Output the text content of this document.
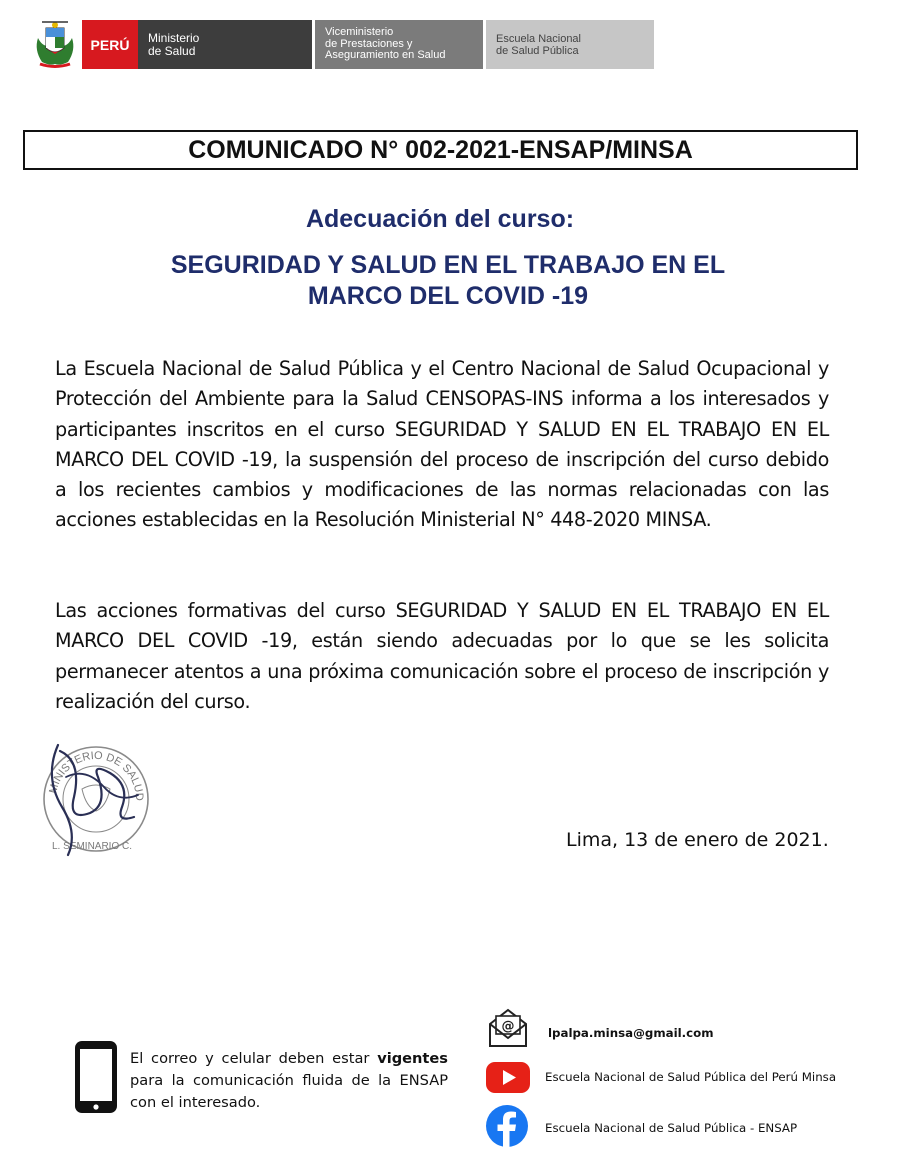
PERÚ	Ministerio
de Salud
Viceministerio
de Prestaciones y
Aseguramiento en Salud
Escuela Nacional
de Salud Pública
COMUNICADO N° 002-2021-ENSAP/MINSA
Adecuación del curso:
SEGURIDAD Y SALUD EN EL TRABAJO EN EL
MARCO DEL COVID -19
La Escuela Nacional de Salud Pública y el Centro Nacional de Salud Ocupacional y Protección del Ambiente para la Salud CENSOPAS-INS informa a los interesados y participantes inscritos en el curso SEGURIDAD Y SALUD EN EL TRABAJO EN EL MARCO DEL COVID -19, la suspensión del proceso de inscripción del curso debido a los recientes cambios y modificaciones de las normas relacionadas con las acciones establecidas en la Resolución Ministerial N° 448-2020 MINSA.
Las acciones formativas del curso SEGURIDAD Y SALUD EN EL TRABAJO EN EL MARCO DEL COVID -19, están siendo adecuadas por lo que se les solicita permanecer atentos a una próxima comunicación sobre el proceso de inscripción y realización del curso.
MINISTERIO DE SALUD
L. SEMINARIO C.	Lima, 13 de enero de 2021.
El correo y celular deben estar vigentes para la comunicación fluida de la ENSAP con el interesado.
@	lpalpa.minsa@gmail.com
Escuela Nacional de Salud Pública del Perú Minsa
Escuela Nacional de Salud Pública - ENSAP
